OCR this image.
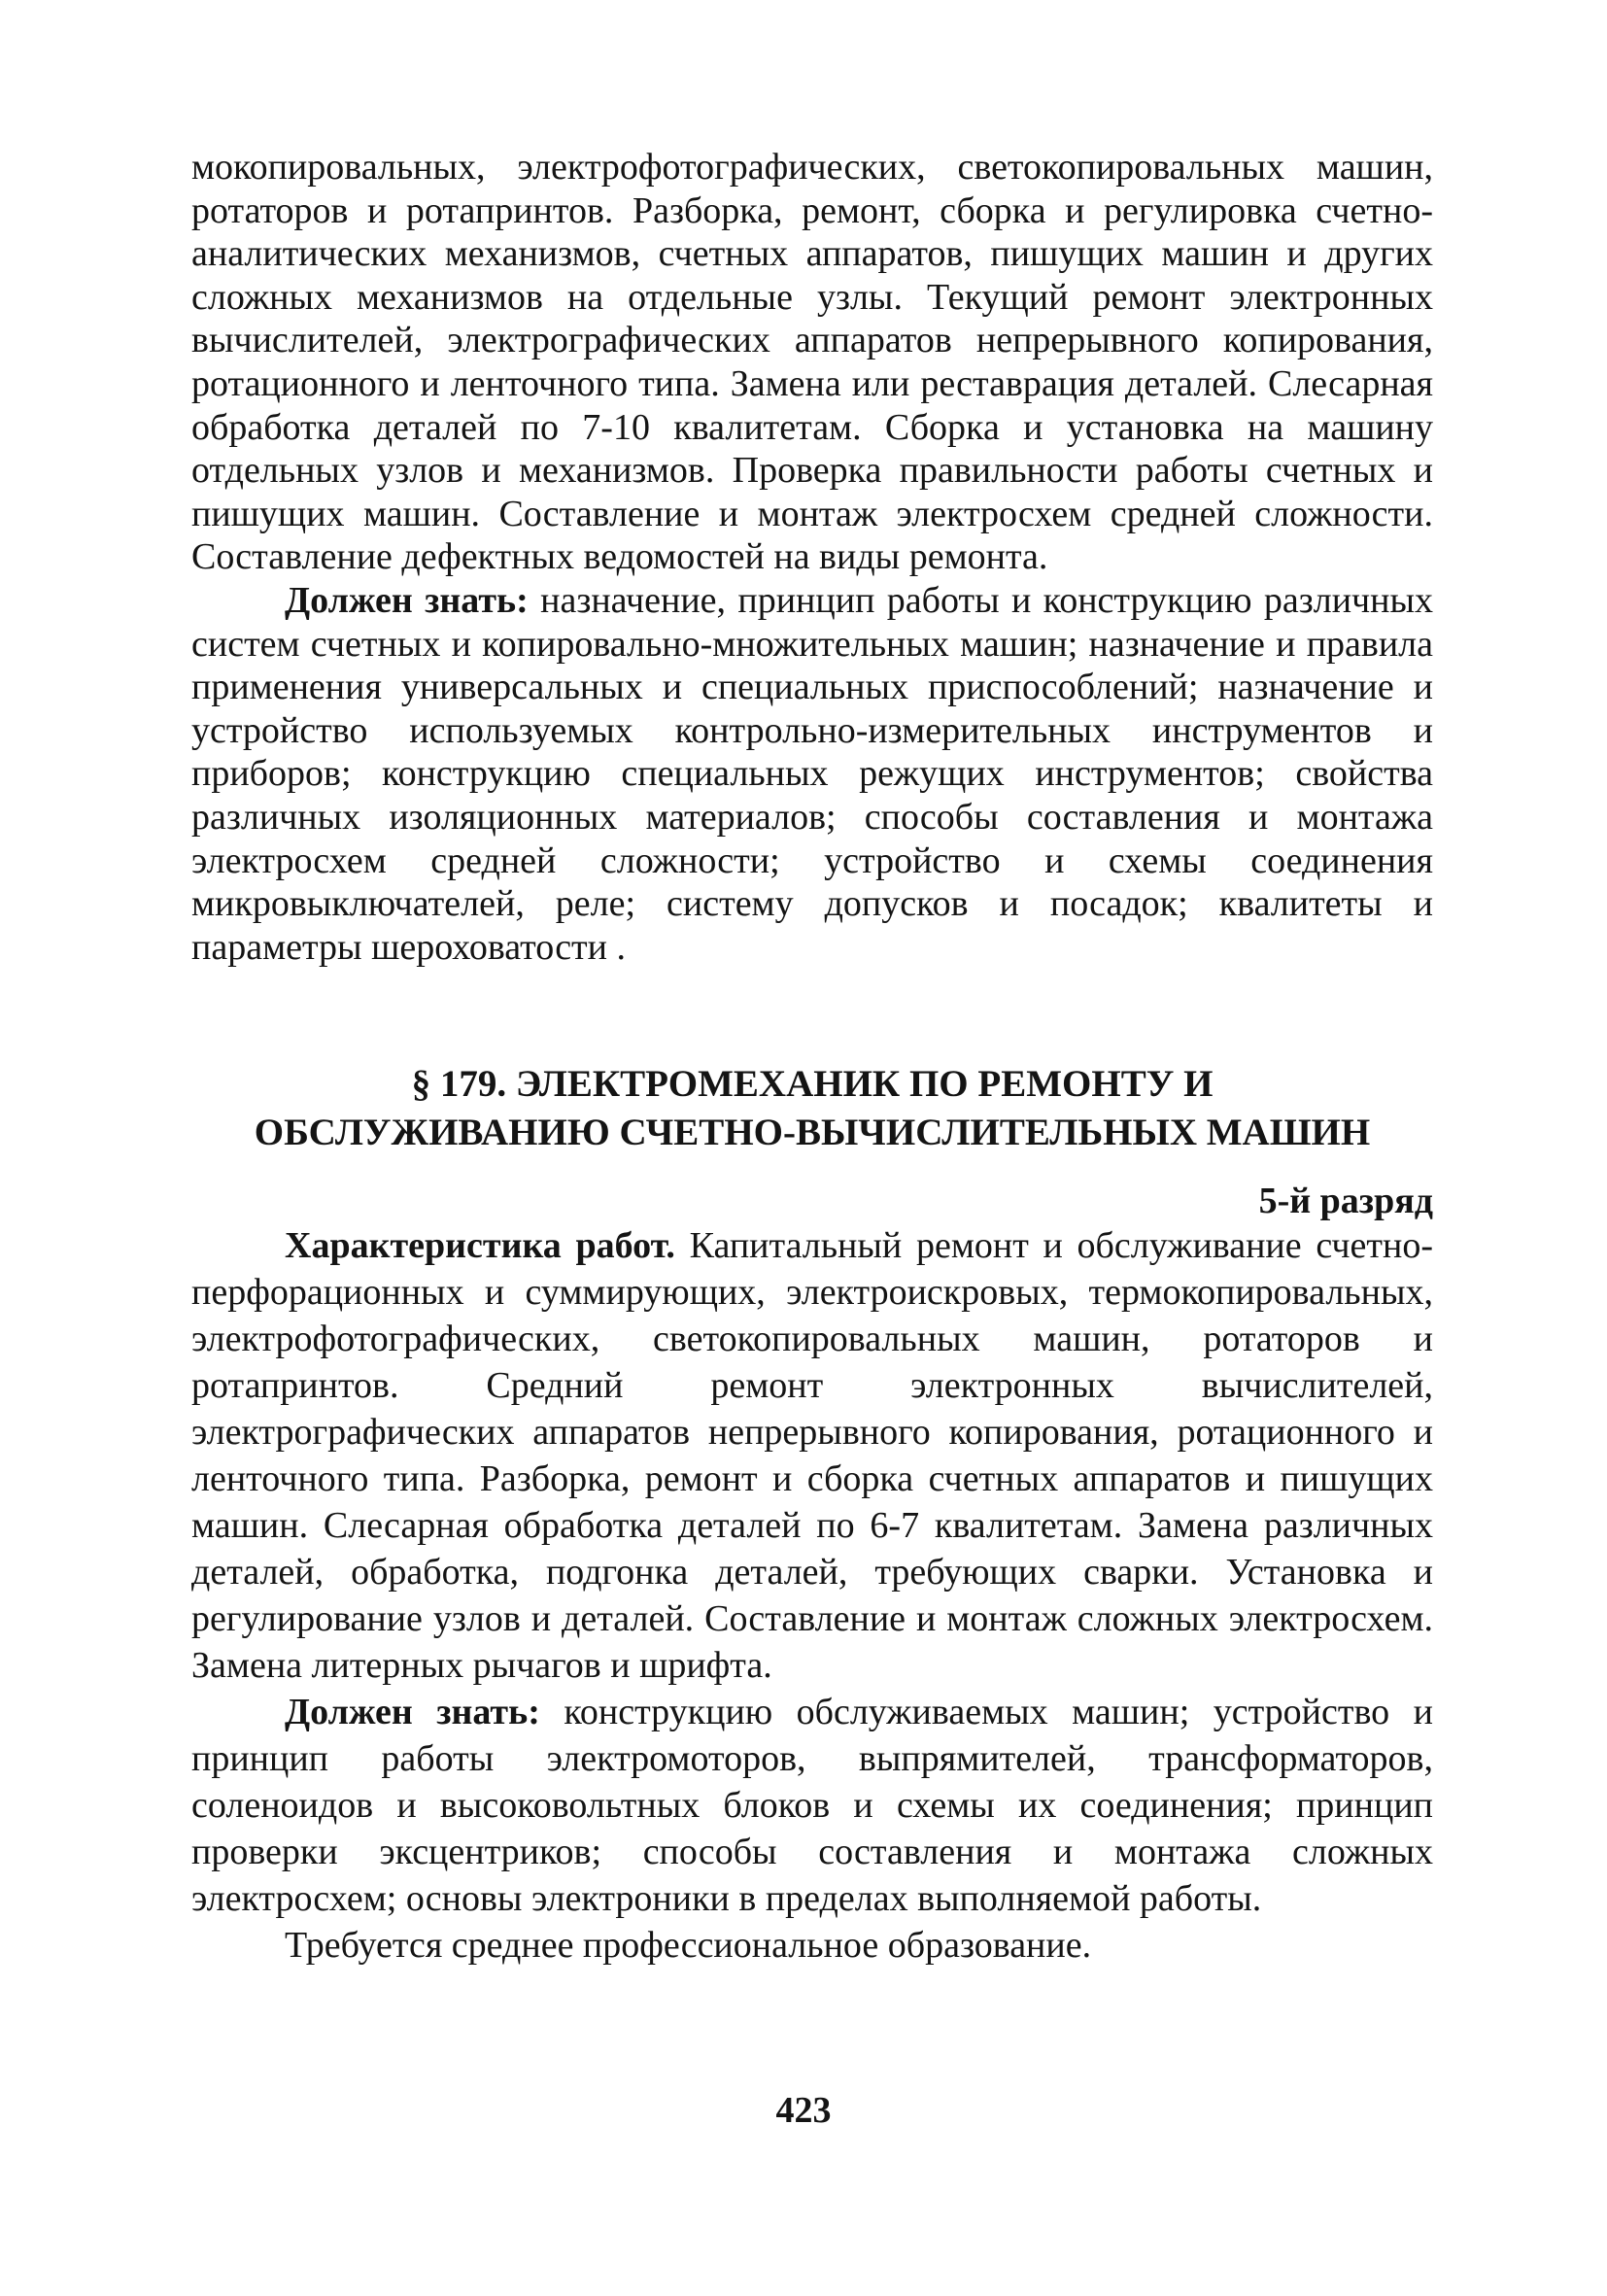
мокопировальных, электрофотографических, светокопировальных машин, ротаторов и ротапринтов. Разборка, ремонт, сборка и регулировка счетно-аналитических механизмов, счетных аппаратов, пишущих машин и других сложных механизмов на отдельные узлы. Текущий ремонт электронных вычислителей, электрографических аппаратов непрерывного копирования, ротационного и ленточного типа. Замена или реставрация деталей. Слесарная обработка деталей по 7-10 квалитетам. Сборка и установка на машину отдельных узлов и механизмов. Проверка правильности работы счетных и пишущих машин. Составление и монтаж электросхем средней сложности. Составление дефектных ведомостей на виды ремонта.

Должен знать: назначение, принцип работы и конструкцию различных систем счетных и копировально-множительных машин; назначение и правила применения универсальных и специальных приспособлений; назначение и устройство используемых контрольно-измерительных инструментов и приборов; конструкцию специальных режущих инструментов; свойства различных изоляционных материалов; способы составления и монтажа электросхем средней сложности; устройство и схемы соединения микровыключателей, реле; систему допусков и посадок; квалитеты и параметры шероховатости .

§ 179. ЭЛЕКТРОМЕХАНИК ПО РЕМОНТУ И
ОБСЛУЖИВАНИЮ СЧЕТНО-ВЫЧИСЛИТЕЛЬНЫХ МАШИН
5-й разряд

Характеристика работ. Капитальный ремонт и обслуживание счетно-перфорационных и суммирующих, электроискровых, термокопировальных, электрофотографических, светокопировальных машин, ротаторов и ротапринтов. Средний ремонт электронных вычислителей, электрографических аппаратов непрерывного копирования, ротационного и ленточного типа. Разборка, ремонт и сборка счетных аппаратов и пишущих машин. Слесарная обработка деталей по 6-7 квалитетам. Замена различных деталей, обработка, подгонка деталей, требующих сварки. Установка и регулирование узлов и деталей. Составление и монтаж сложных электросхем. Замена литерных рычагов и шрифта.

Должен знать: конструкцию обслуживаемых машин; устройство и принцип работы электромоторов, выпрямителей, трансформаторов, соленоидов и высоковольтных блоков и схемы их соединения; принцип проверки эксцентриков; способы составления и монтажа сложных электросхем; основы электроники в пределах выполняемой работы.

Требуется среднее профессиональное образование.

423
